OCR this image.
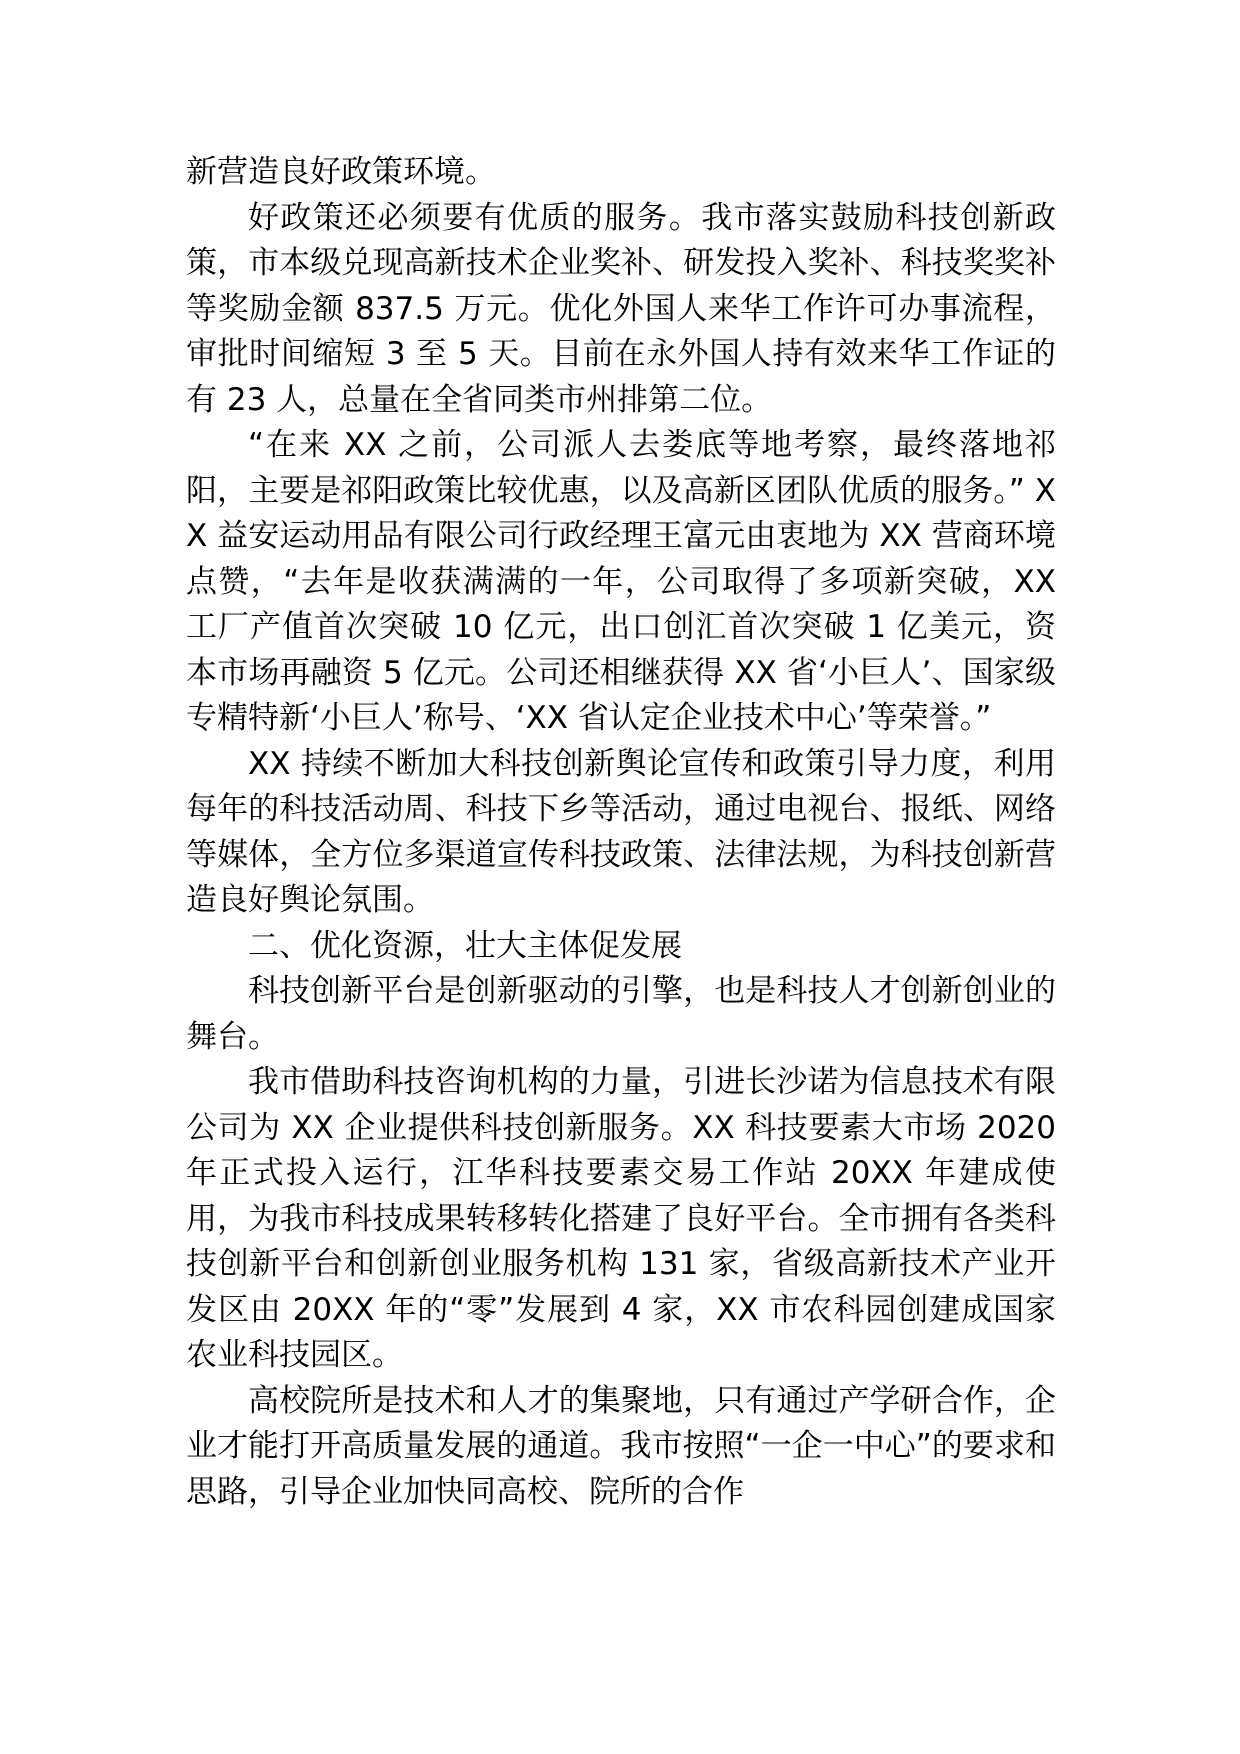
新营造良好政策环境。

好政策还必须要有优质的服务。我市落实鼓励科技创新政策，市本级兑现高新技术企业奖补、研发投入奖补、科技奖奖补等奖励金额 837.5 万元。优化外国人来华工作许可办事流程，审批时间缩短 3 至 5 天。目前在永外国人持有效来华工作证的有 23 人，总量在全省同类市州排第二位。

“在来 XX 之前，公司派人去娄底等地考察，最终落地祁阳，主要是祁阳政策比较优惠，以及高新区团队优质的服务。” XX 益安运动用品有限公司行政经理王富元由衷地为 XX 营商环境点赞，“去年是收获满满的一年，公司取得了多项新突破，XX 工厂产值首次突破 10 亿元，出口创汇首次突破 1 亿美元，资本市场再融资 5 亿元。公司还相继获得 XX 省‘小巨人’、国家级专精特新‘小巨人’称号、‘XX 省认定企业技术中心’等荣誉。”

XX 持续不断加大科技创新舆论宣传和政策引导力度，利用每年的科技活动周、科技下乡等活动，通过电视台、报纸、网络等媒体，全方位多渠道宣传科技政策、法律法规，为科技创新营造良好舆论氛围。

二、优化资源，壮大主体促发展

科技创新平台是创新驱动的引擎，也是科技人才创新创业的舞台。

我市借助科技咨询机构的力量，引进长沙诺为信息技术有限公司为 XX 企业提供科技创新服务。XX 科技要素大市场 2020 年正式投入运行，江华科技要素交易工作站 20XX 年建成使用，为我市科技成果转移转化搭建了良好平台。全市拥有各类科技创新平台和创新创业服务机构 131 家，省级高新技术产业开发区由 20XX 年的“零”发展到 4 家，XX 市农科园创建成国家农业科技园区。

高校院所是技术和人才的集聚地，只有通过产学研合作，企业才能打开高质量发展的通道。我市按照“一企一中心”的要求和思路，引导企业加快同高校、院所的合作
